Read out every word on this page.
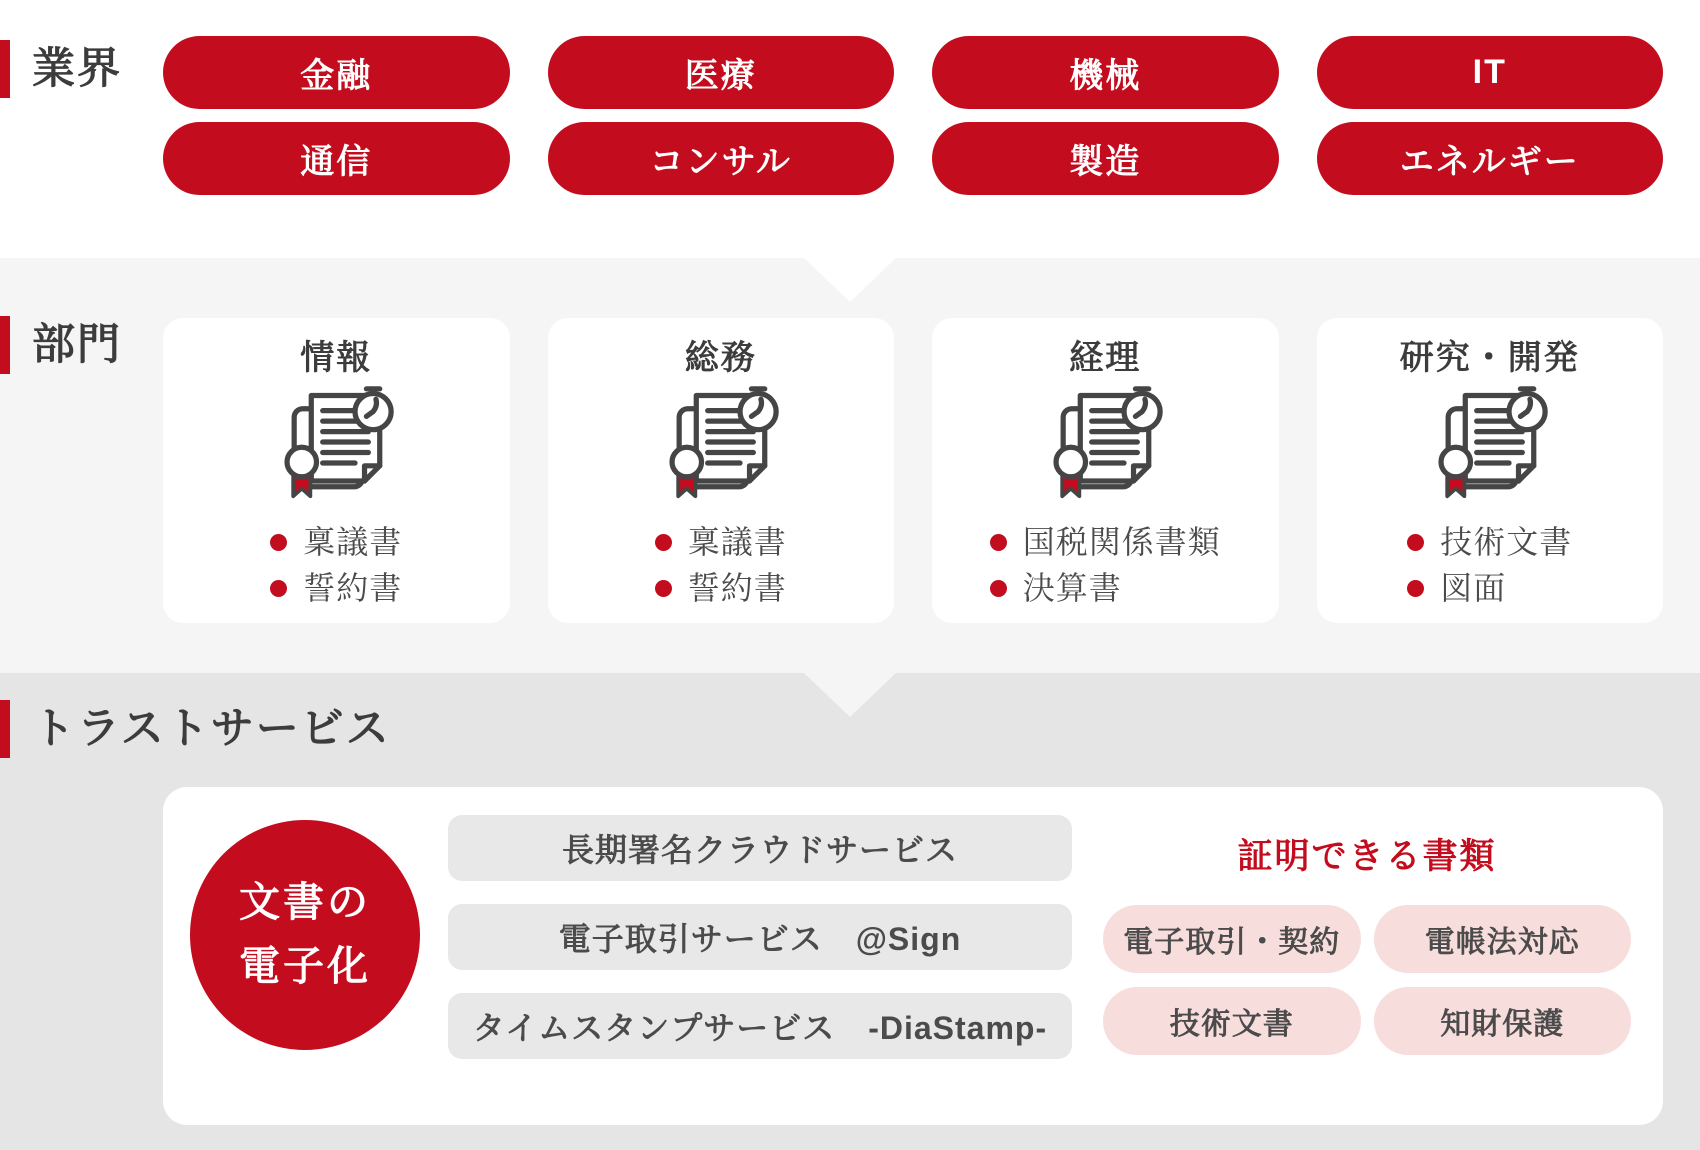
業界	金融	医療	機械	IT
通信	コンサル	製造	エネルギー
部門	情報
稟議書
誓約書
総務
稟議書
誓約書
経理
国税関係書類
決算書
研究・開発
技術文書
図面
トラストサービス
文書の
電子化
長期署名クラウドサービス
電子取引サービス　@Sign
タイムスタンプサービス　-DiaStamp-
証明できる書類
電子取引・契約	電帳法対応
技術文書	知財保護
